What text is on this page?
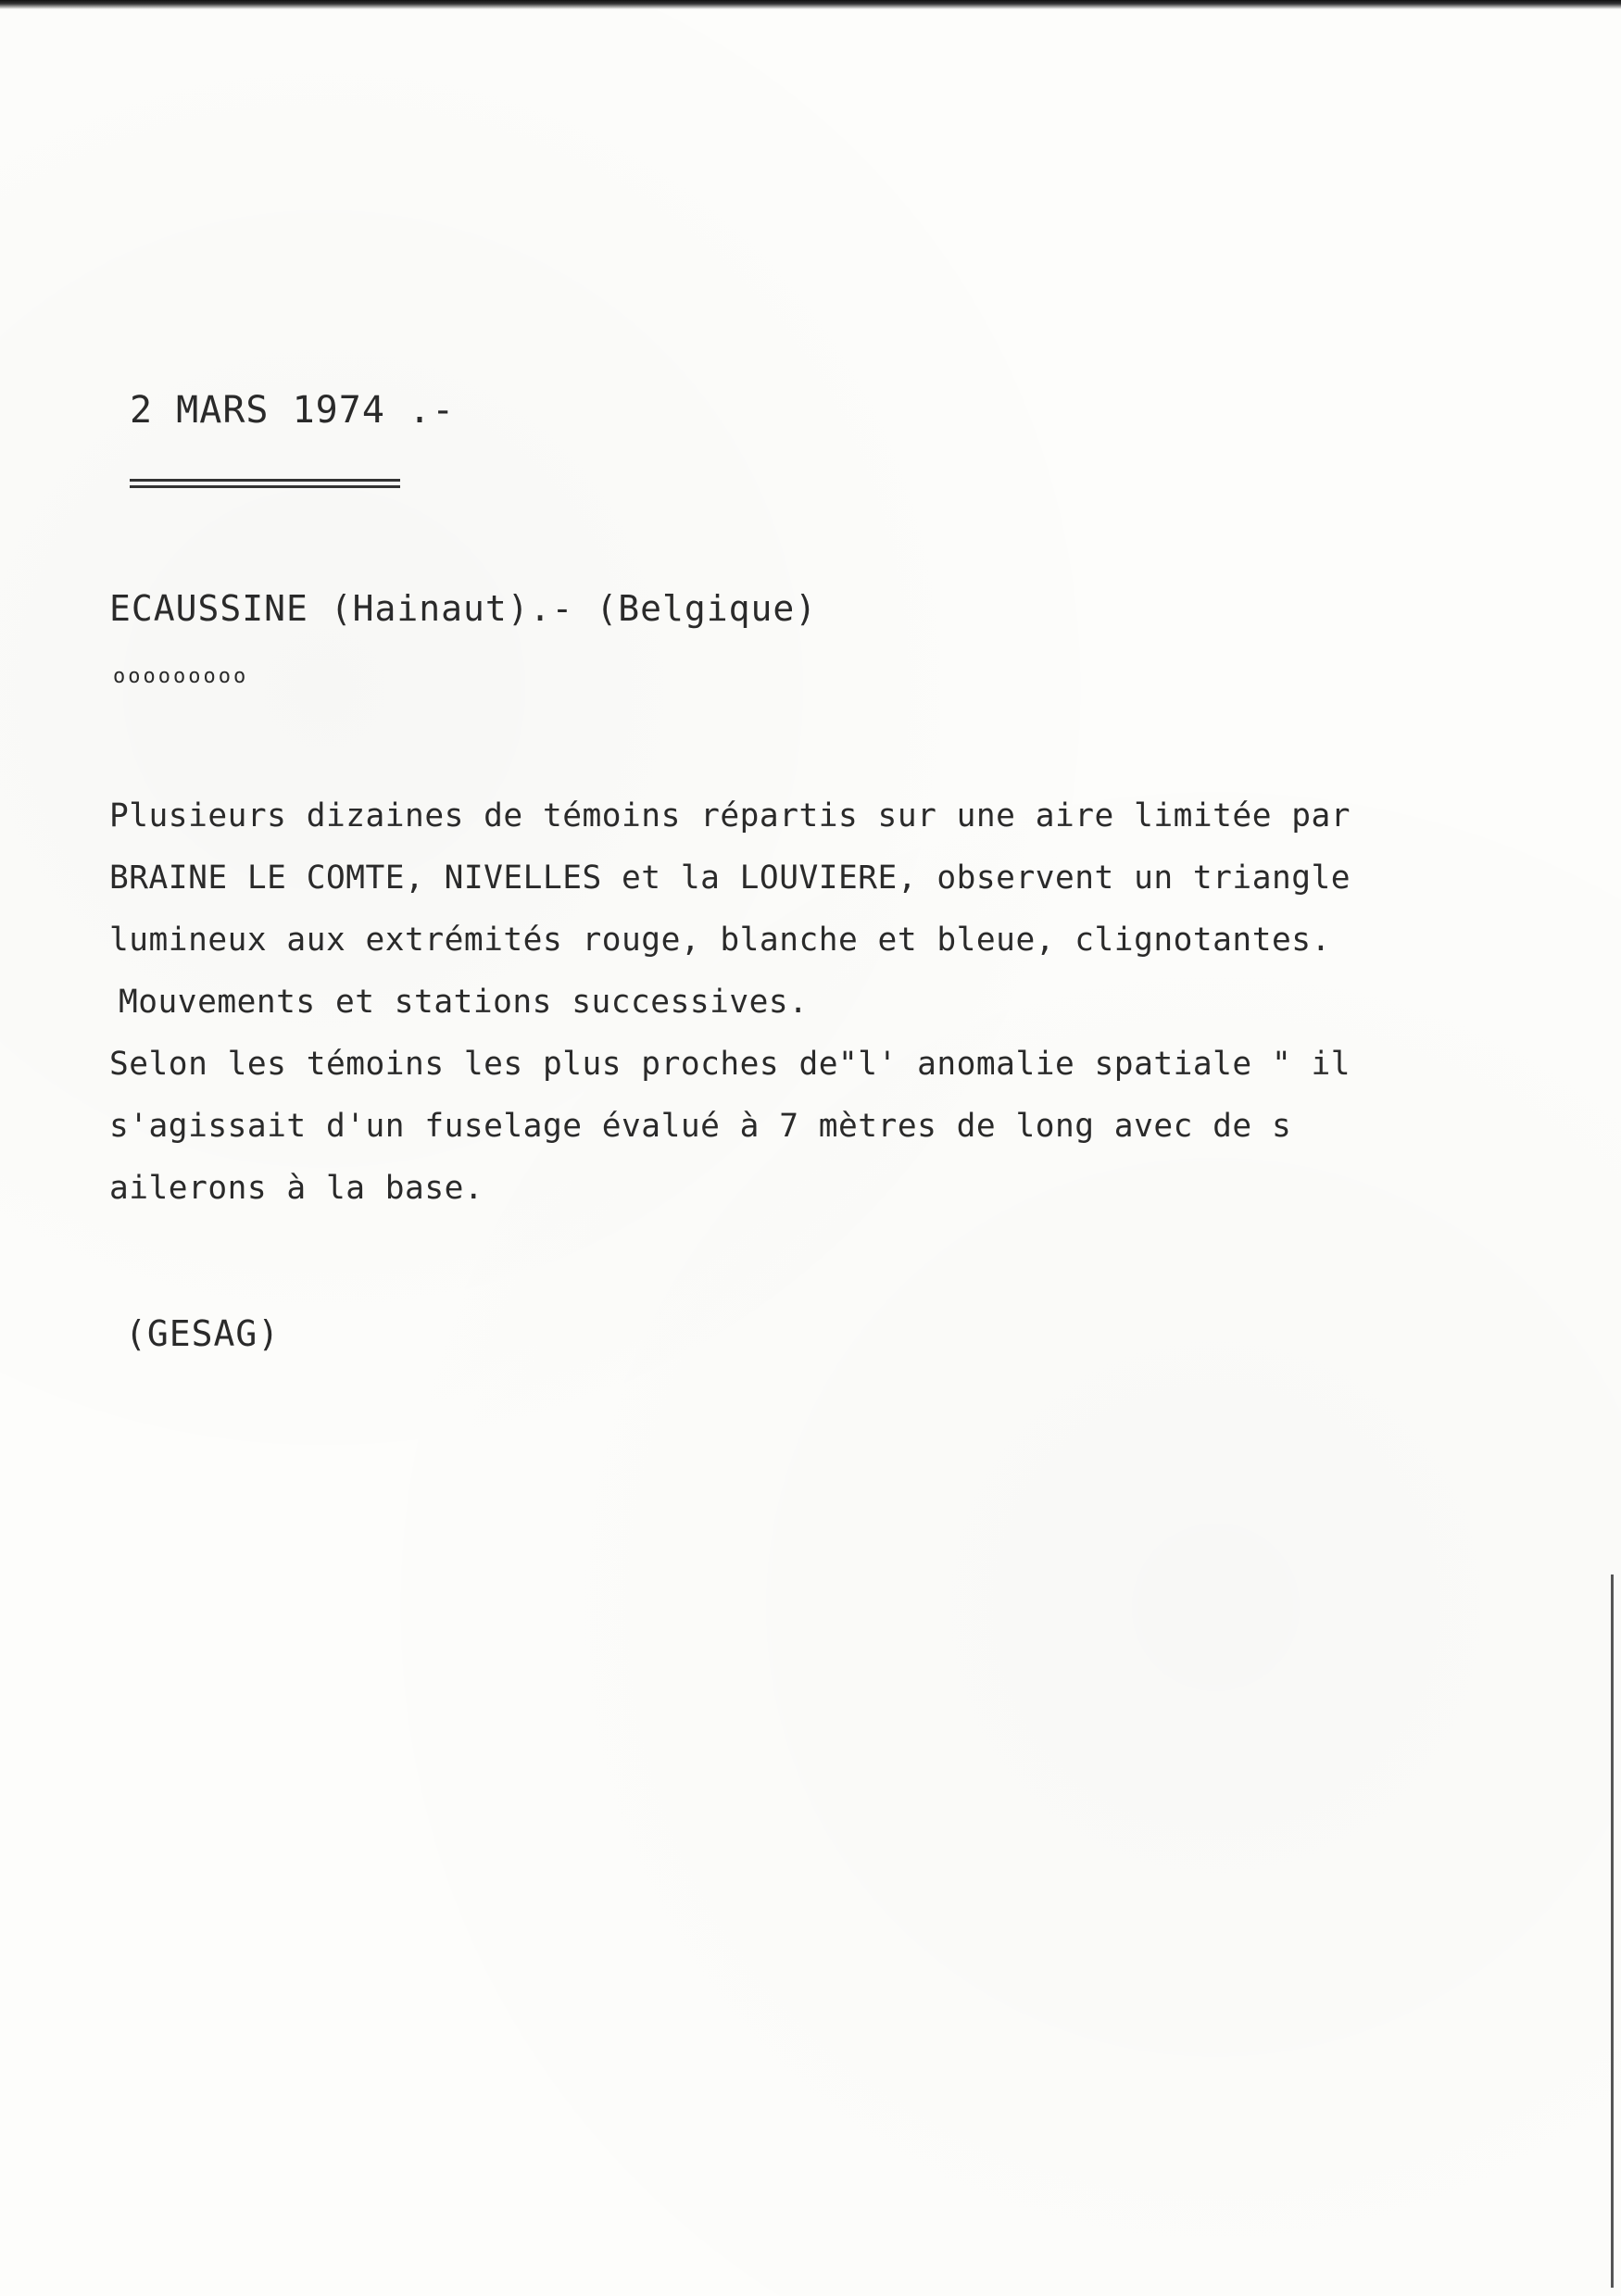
2 MARS 1974 .-
ECAUSSINE (Hainaut).- (Belgique)
ooooooooo
Plusieurs dizaines de témoins répartis sur une aire limitée par
BRAINE LE COMTE, NIVELLES et la LOUVIERE, observent un triangle
lumineux aux extrémités rouge, blanche et bleue, clignotantes.
Mouvements et stations successives.
Selon les témoins les plus proches de"l' anomalie spatiale " il
s'agissait d'un fuselage évalué à 7 mètres de long avec de s
ailerons à la base.
(GESAG)
